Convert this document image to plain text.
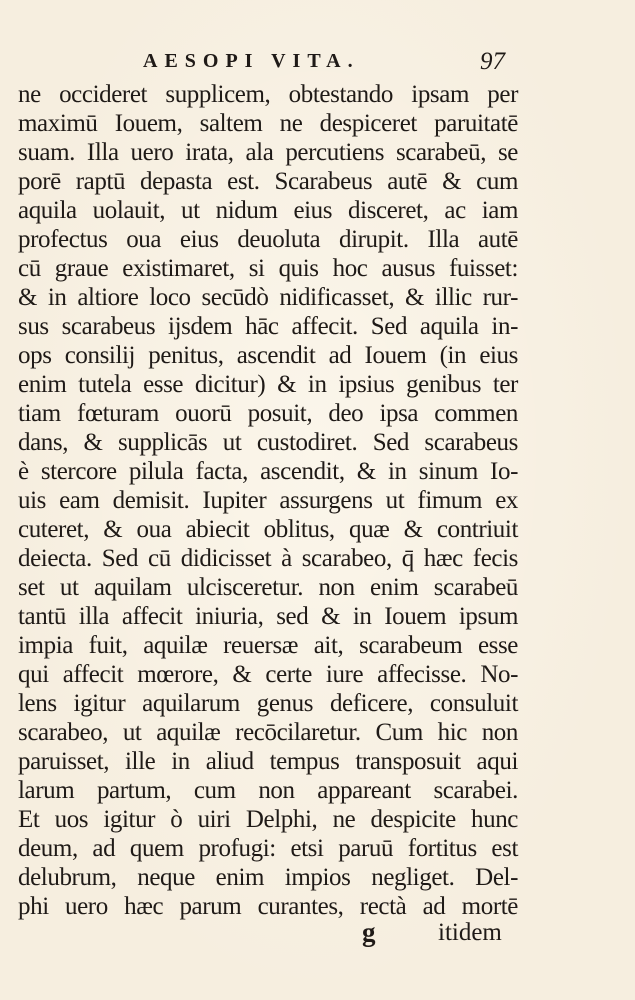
AESOPI VITA.	97
ne occideret supplicem, obtestando ipsam per
maximū Iouem, saltem ne despiceret paruitatē
suam. Illa uero irata, ala percutiens scarabeū, se
porē raptū depasta est. Scarabeus autē & cum
aquila uolauit, ut nidum eius disceret, ac iam
profectus oua eius deuoluta dirupit. Illa autē
cū graue existimaret, si quis hoc ausus fuisset:
& in altiore loco secūdò nidificasset, & illic rur-
sus scarabeus ijsdem hāc affecit. Sed aquila in-
ops consilij penitus, ascendit ad Iouem (in eius
enim tutela esse dicitur) & in ipsius genibus ter
tiam fœturam ouorū posuit, deo ipsa commen
dans, & supplicās ut custodiret. Sed scarabeus
è stercore pilula facta, ascendit, & in sinum Io-
uis eam demisit. Iupiter assurgens ut fimum ex
cuteret, & oua abiecit oblitus, quæ & contriuit
deiecta. Sed cū didicisset à scarabeo, q̄ hæc fecis
set ut aquilam ulcisceretur. non enim scarabeū
tantū illa affecit iniuria, sed & in Iouem ipsum
impia fuit, aquilæ reuersæ ait, scarabeum esse
qui affecit mœrore, & certe iure affecisse. No-
lens igitur aquilarum genus deficere, consuluit
scarabeo, ut aquilæ recōcilaretur. Cum hic non
paruisset, ille in aliud tempus transposuit aqui
larum partum, cum non appareant scarabei.
Et uos igitur ò uiri Delphi, ne despicite hunc
deum, ad quem profugi: etsi paruū fortitus est
delubrum, neque enim impios negliget. Del-
phi uero hæc parum curantes, rectà ad mortē
g	itidem
